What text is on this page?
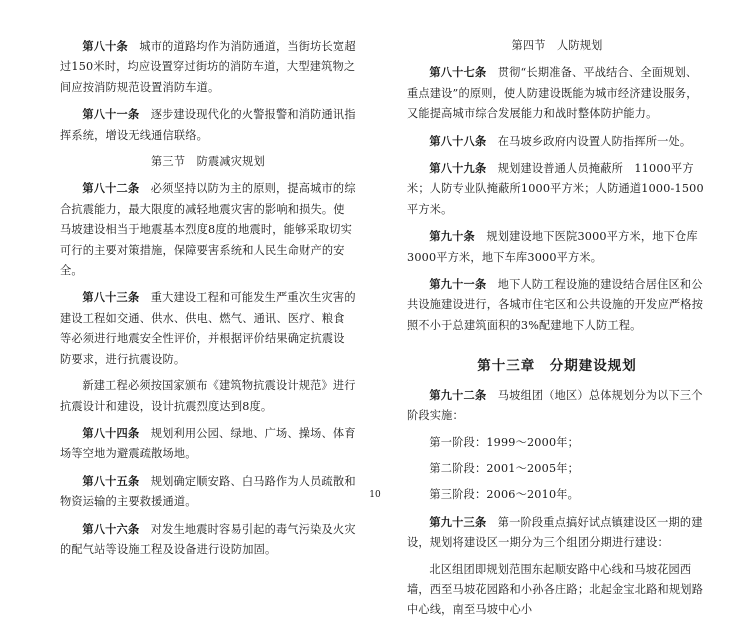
第八十条　 城市的道路均作为消防通道，当街坊长宽超过150米时，均应设置穿过街坊的消防车道，大型建筑物之间应按消防规范设置消防车道。

第八十一条　 逐步建设现代化的火警报警和消防通讯指挥系统，增设无线通信联络。

第三节　防震减灾规划

第八十二条　 必须坚持以防为主的原则，提高城市的综合抗震能力，最大限度的减轻地震灾害的影响和损失。使马坡建设相当于地震基本烈度8度的地震时，能够采取切实可行的主要对策措施，保障要害系统和人民生命财产的安全。

第八十三条　 重大建设工程和可能发生严重次生灾害的建设工程如交通、供水、供电、燃气、通讯、医疗、粮食等必须进行地震安全性评价，并根据评价结果确定抗震设防要求，进行抗震设防。

新建工程必须按国家颁布《建筑物抗震设计规范》进行抗震设计和建设，设计抗震烈度达到8度。

第八十四条　 规划利用公园、绿地、广场、操场、体育场等空地为避震疏散场地。

第八十五条　 规划确定顺安路、白马路作为人员疏散和物资运输的主要救援通道。

第八十六条　 对发生地震时容易引起的毒气污染及火灾的配气站等设施工程及设备进行设防加固。

第四节　人防规划

第八十七条　 贯彻“长期准备、平战结合、全面规划、重点建设”的原则，使人防建设既能为城市经济建设服务，又能提高城市综合发展能力和战时整体防护能力。

第八十八条　 在马坡乡政府内设置人防指挥所一处。

第八十九条　 规划建设普通人员掩蔽所　11000平方米；人防专业队掩蔽所1000平方米；人防通道1000-1500平方米。

第九十条　 规划建设地下医院3000平方米，地下仓库3000平方米，地下车库3000平方米。

第九十一条　 地下人防工程设施的建设结合居住区和公共设施建设进行，各城市住宅区和公共设施的开发应严格按照不小于总建筑面积的3%配建地下人防工程。

第十三章　分期建设规划

第九十二条　 马坡组团（地区）总体规划分为以下三个阶段实施：

第一阶段：1999～2000年；

第二阶段：2001～2005年；

第三阶段：2006～2010年。

第九十三条　 第一阶段重点搞好试点镇建设区一期的建设，规划将建设区一期分为三个组团分期进行建设：

北区组团即规划范围东起顺安路中心线和马坡花园西墙，西至马坡花园路和小孙各庄路；北起金宝北路和规划路中心线，南至马坡中心小

10
